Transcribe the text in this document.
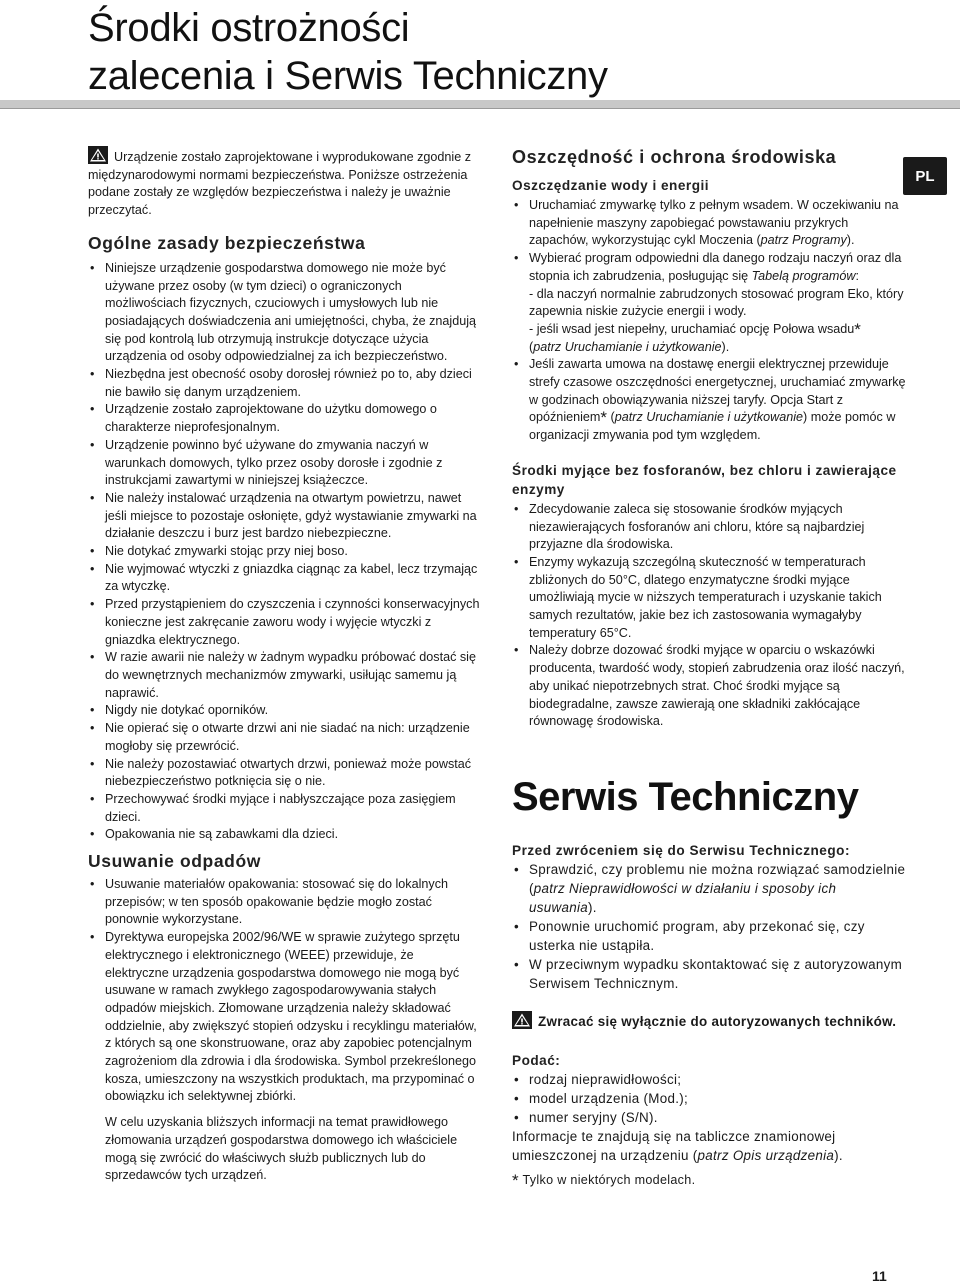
Środki ostrożności
zalecenia i Serwis Techniczny
PL

Urządzenie zostało zaprojektowane i wyprodukowane zgodnie z międzynarodowymi normami bezpieczeństwa. Poniższe ostrzeżenia podane zostały ze względów bezpieczeństwa i należy je uważnie przeczytać.

Ogólne zasady bezpieczeństwa
• Niniejsze urządzenie gospodarstwa domowego nie może być używane przez osoby (w tym dzieci) o ograniczonych możliwościach fizycznych, czuciowych i umysłowych lub nie posiadających doświadczenia ani umiejętności, chyba, że znajdują się pod kontrolą lub otrzymują instrukcje dotyczące użycia urządzenia od osoby odpowiedzialnej za ich bezpieczeństwo.
• Niezbędna jest obecność osoby dorosłej również po to, aby dzieci nie bawiło się danym urządzeniem.
• Urządzenie zostało zaprojektowane do użytku domowego o charakterze nieprofesjonalnym.
• Urządzenie powinno być używane do zmywania naczyń w warunkach domowych, tylko przez osoby dorosłe i zgodnie z instrukcjami zawartymi w niniejszej książeczce.
• Nie należy instalować urządzenia na otwartym powietrzu, nawet jeśli miejsce to pozostaje osłonięte, gdyż wystawianie zmywarki na działanie deszczu i burz jest bardzo niebezpieczne.
• Nie dotykać zmywarki stojąc przy niej boso.
• Nie wyjmować wtyczki z gniazdka ciągnąc za kabel, lecz trzymając za wtyczkę.
• Przed przystąpieniem do czyszczenia i czynności konserwacyjnych konieczne jest zakręcanie zaworu wody i wyjęcie wtyczki z gniazdka elektrycznego.
• W razie awarii nie należy w żadnym wypadku próbować dostać się do wewnętrznych mechanizmów zmywarki, usiłując samemu ją naprawić.
• Nigdy nie dotykać oporników.
• Nie opierać się o otwarte drzwi ani nie siadać na nich: urządzenie mogłoby się przewrócić.
• Nie należy pozostawiać otwartych drzwi, ponieważ może powstać niebezpieczeństwo potknięcia się o nie.
• Przechowywać środki myjące i nabłyszczające poza zasięgiem dzieci.
• Opakowania nie są zabawkami dla dzieci.
Usuwanie odpadów
• Usuwanie materiałów opakowania: stosować się do lokalnych przepisów; w ten sposób opakowanie będzie mogło zostać ponownie wykorzystane.
• Dyrektywa europejska 2002/96/WE w sprawie zużytego sprzętu elektrycznego i elektronicznego (WEEE) przewiduje, że elektryczne urządzenia gospodarstwa domowego nie mogą być usuwane w ramach zwykłego zagospodarowywania stałych odpadów miejskich. Złomowane urządzenia należy składować oddzielnie, aby zwiększyć stopień odzysku i recyklingu materiałów, z których są one skonstruowane, oraz aby zapobiec potencjalnym zagrożeniom dla zdrowia i dla środowiska. Symbol przekreślonego kosza, umieszczony na wszystkich produktach, ma przypominać o obowiązku ich selektywnej zbiórki.

W celu uzyskania bliższych informacji na temat prawidłowego złomowania urządzeń gospodarstwa domowego ich właściciele mogą się zwrócić do właściwych służb publicznych lub do sprzedawców tych urządzeń.

Oszczędność i ochrona środowiska
Oszczędzanie wody i energii
• Uruchamiać zmywarkę tylko z pełnym wsadem. W oczekiwaniu na napełnienie maszyny zapobiegać powstawaniu przykrych zapachów, wykorzystując cykl Moczenia (patrz Programy).
• Wybierać program odpowiedni dla danego rodzaju naczyń oraz dla stopnia ich zabrudzenia, posługując się Tabelą programów:
- dla naczyń normalnie zabrudzonych stosować program Eko, który zapewnia niskie zużycie energii i wody.
- jeśli wsad jest niepełny, uruchamiać opcję Połowa wsadu*
(patrz Uruchamianie i użytkowanie).
• Jeśli zawarta umowa na dostawę energii elektrycznej przewiduje strefy czasowe oszczędności energetycznej, uruchamiać zmywarkę w godzinach obowiązywania niższej taryfy. Opcja Start z opóźnieniem* (patrz Uruchamianie i użytkowanie) może pomóc w organizacji zmywania pod tym względem.
Środki myjące bez fosforanów, bez chloru i zawierające enzymy
• Zdecydowanie zaleca się stosowanie środków myjących niezawierających fosforanów ani chloru, które są najbardziej przyjazne dla środowiska.
• Enzymy wykazują szczególną skuteczność w temperaturach zbliżonych do 50°C, dlatego enzymatyczne środki myjące umożliwiają mycie w niższych temperaturach i uzyskanie takich samych rezultatów, jakie bez ich zastosowania wymagałyby temperatury 65°C.
• Należy dobrze dozować środki myjące w oparciu o wskazówki producenta, twardość wody, stopień zabrudzenia oraz ilość naczyń, aby unikać niepotrzebnych strat. Choć środki myjące są biodegradalne, zawsze zawierają one składniki zakłócające równowagę środowiska.
Serwis Techniczny
Przed zwróceniem się do Serwisu Technicznego:
• Sprawdzić, czy problemu nie można rozwiązać samodzielnie (patrz Nieprawidłowości w działaniu i sposoby ich usuwania).
• Ponownie uruchomić program, aby przekonać się, czy usterka nie ustąpiła.
• W przeciwnym wypadku skontaktować się z autoryzowanym Serwisem Technicznym.

Zwracać się wyłącznie do autoryzowanych techników.

Podać:
• rodzaj nieprawidłowości;
• model urządzenia (Mod.);
• numer seryjny (S/N).

Informacje te znajdują się na tabliczce znamionowej umieszczonej na urządzeniu (patrz Opis urządzenia).

* Tylko w niektórych modelach.

11
